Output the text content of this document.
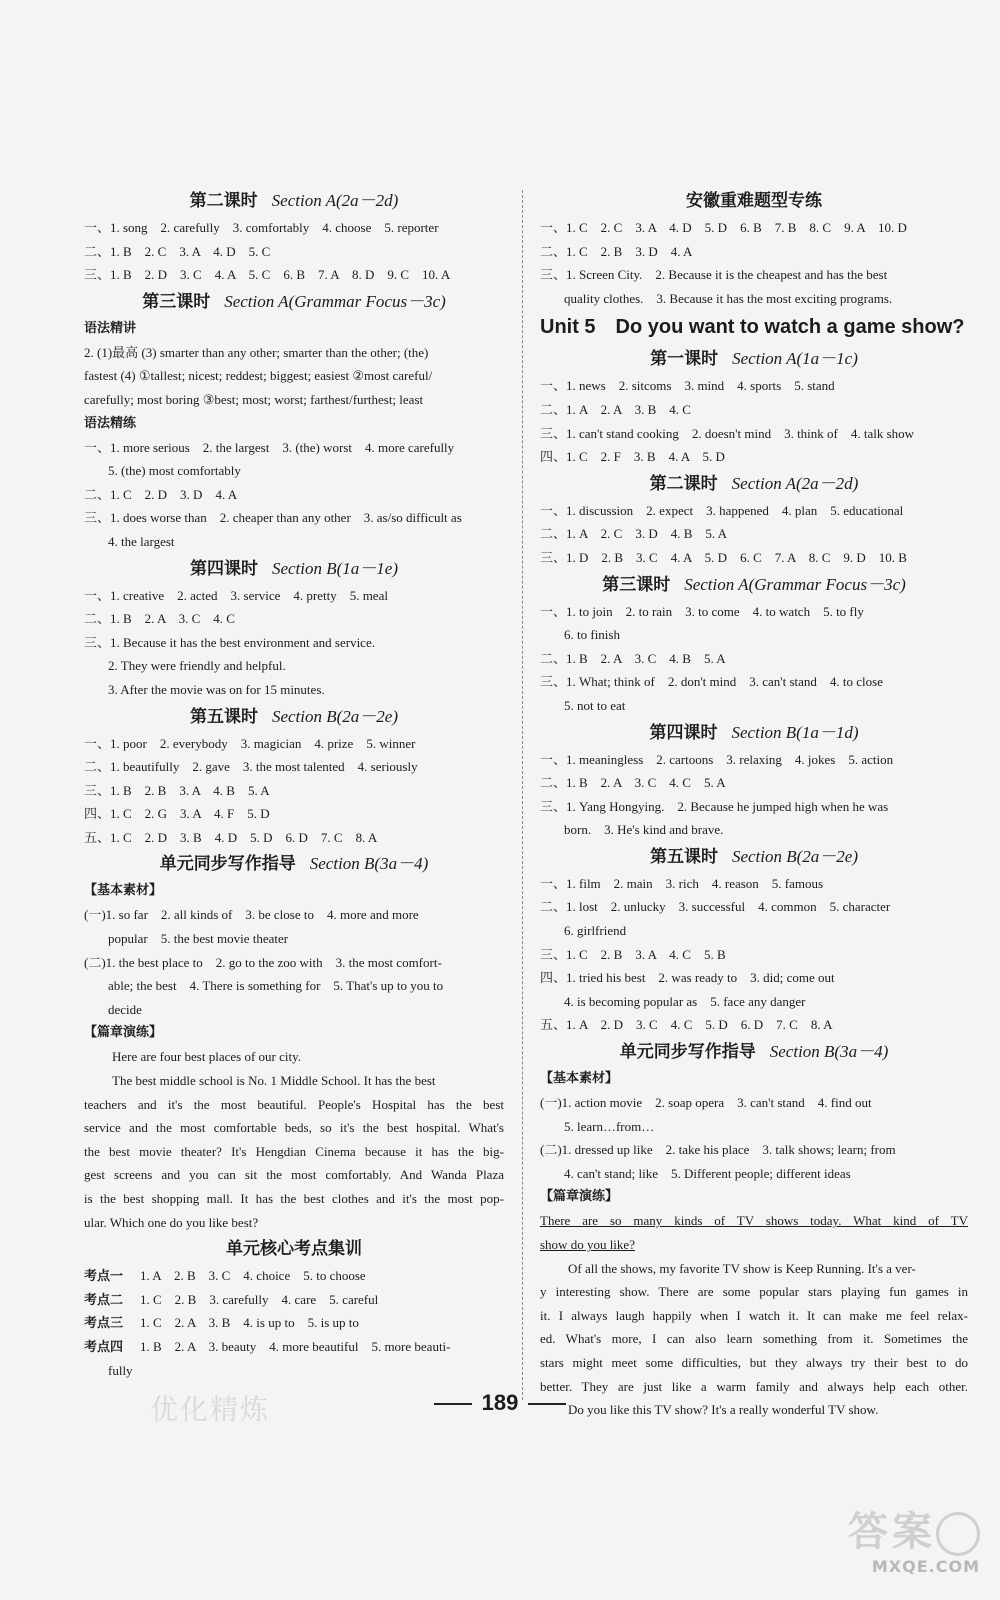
第二课时 Section A(2a－2d)
一、1. song　2. carefully　3. comfortably　4. choose　5. reporter
二、1. B　2. C　3. A　4. D　5. C
三、1. B　2. D　3. C　4. A　5. C　6. B　7. A　8. D　9. C　10. A
第三课时 Section A(Grammar Focus－3c)
语法精讲
2. (1)最高 (3) smarter than any other; smarter than the other; (the)
fastest (4) ①tallest; nicest; reddest; biggest; easiest ②most careful/
carefully; most boring ③best; most; worst; farthest/furthest; least
语法精练
一、1. more serious　2. the largest　3. (the) worst　4. more carefully
5. (the) most comfortably
二、1. C　2. D　3. D　4. A
三、1. does worse than　2. cheaper than any other　3. as/so difficult as
4. the largest
第四课时 Section B(1a－1e)
一、1. creative　2. acted　3. service　4. pretty　5. meal
二、1. B　2. A　3. C　4. C
三、1. Because it has the best environment and service.
2. They were friendly and helpful.
3. After the movie was on for 15 minutes.
第五课时 Section B(2a－2e)
一、1. poor　2. everybody　3. magician　4. prize　5. winner
二、1. beautifully　2. gave　3. the most talented　4. seriously
三、1. B　2. B　3. A　4. B　5. A
四、1. C　2. G　3. A　4. F　5. D
五、1. C　2. D　3. B　4. D　5. D　6. D　7. C　8. A
单元同步写作指导 Section B(3a－4)
【基本素材】
(一)1. so far　2. all kinds of　3. be close to　4. more and more
popular　5. the best movie theater
(二)1. the best place to　2. go to the zoo with　3. the most comfort-
able; the best　4. There is something for　5. That's up to you to
decide
【篇章演练】
Here are four best places of our city.
The best middle school is No. 1 Middle School. It has the best
teachers and it's the most beautiful. People's Hospital has the best
service and the most comfortable beds, so it's the best hospital. What's
the best movie theater? It's Hengdian Cinema because it has the big-
gest screens and you can sit the most comfortably. And Wanda Plaza
is the best shopping mall. It has the best clothes and it's the most pop-
ular. Which one do you like best?
单元核心考点集训
考点一 1. A　2. B　3. C　4. choice　5. to choose
考点二 1. C　2. B　3. carefully　4. care　5. careful
考点三 1. C　2. A　3. B　4. is up to　5. is up to
考点四 1. B　2. A　3. beauty　4. more beautiful　5. more beauti-
fully
安徽重难题型专练
一、1. C　2. C　3. A　4. D　5. D　6. B　7. B　8. C　9. A　10. D
二、1. C　2. B　3. D　4. A
三、1. Screen City.　2. Because it is the cheapest and has the best
quality clothes.　3. Because it has the most exciting programs.
Unit 5　Do you want to watch a game show?
第一课时 Section A(1a－1c)
一、1. news　2. sitcoms　3. mind　4. sports　5. stand
二、1. A　2. A　3. B　4. C
三、1. can't stand cooking　2. doesn't mind　3. think of　4. talk show
四、1. C　2. F　3. B　4. A　5. D
第二课时 Section A(2a－2d)
一、1. discussion　2. expect　3. happened　4. plan　5. educational
二、1. A　2. C　3. D　4. B　5. A
三、1. D　2. B　3. C　4. A　5. D　6. C　7. A　8. C　9. D　10. B
第三课时 Section A(Grammar Focus－3c)
一、1. to join　2. to rain　3. to come　4. to watch　5. to fly
6. to finish
二、1. B　2. A　3. C　4. B　5. A
三、1. What; think of　2. don't mind　3. can't stand　4. to close
5. not to eat
第四课时 Section B(1a－1d)
一、1. meaningless　2. cartoons　3. relaxing　4. jokes　5. action
二、1. B　2. A　3. C　4. C　5. A
三、1. Yang Hongying.　2. Because he jumped high when he was
born.　3. He's kind and brave.
第五课时 Section B(2a－2e)
一、1. film　2. main　3. rich　4. reason　5. famous
二、1. lost　2. unlucky　3. successful　4. common　5. character
6. girlfriend
三、1. C　2. B　3. A　4. C　5. B
四、1. tried his best　2. was ready to　3. did; come out
4. is becoming popular as　5. face any danger
五、1. A　2. D　3. C　4. C　5. D　6. D　7. C　8. A
单元同步写作指导 Section B(3a－4)
【基本素材】
(一)1. action movie　2. soap opera　3. can't stand　4. find out
5. learn…from…
(二)1. dressed up like　2. take his place　3. talk shows; learn; from
4. can't stand; like　5. Different people; different ideas
【篇章演练】
There are so many kinds of TV shows today. What kind of TV
show do you like?
Of all the shows, my favorite TV show is Keep Running. It's a ver-
y interesting show. There are some popular stars playing fun games in
it. I always laugh happily when I watch it. It can make me feel relax-
ed. What's more, I can also learn something from it. Sometimes the
stars might meet some difficulties, but they always try their best to do
better. They are just like a warm family and always help each other.
Do you like this TV show? It's a really wonderful TV show.
189
优化精炼
答案
MXQE.COM
